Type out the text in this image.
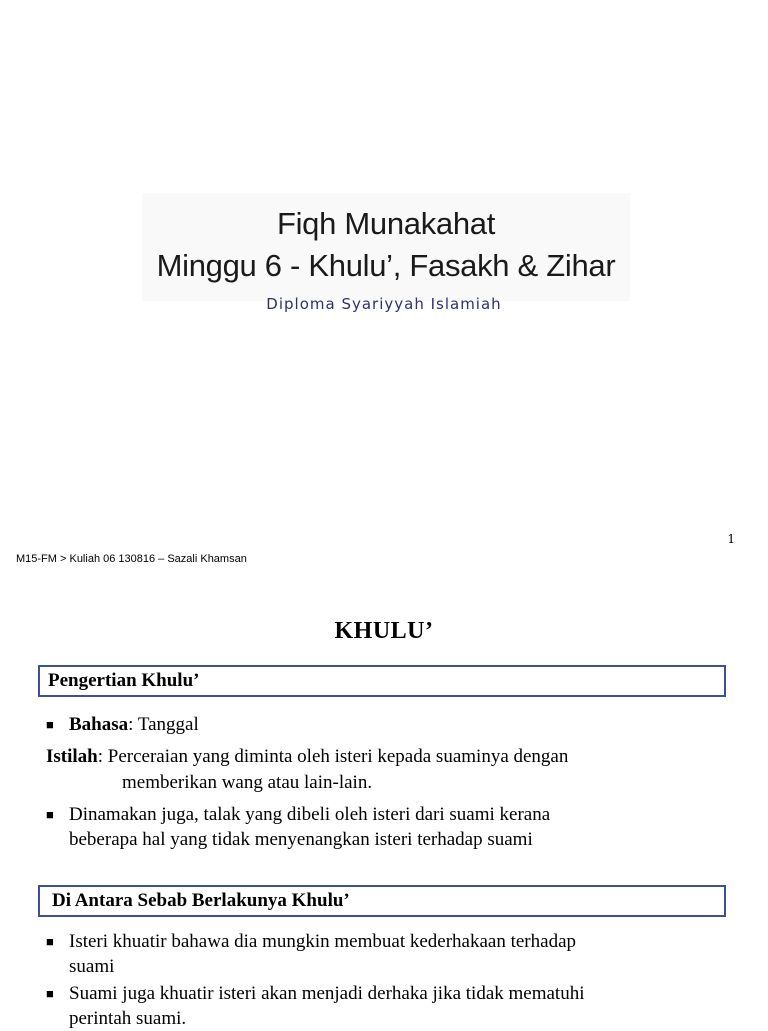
Fiqh Munakahat
Minggu 6 - Khulu’, Fasakh & Zihar
Diploma Syariyyah Islamiah
1
M15-FM > Kuliah 06 130816 – Sazali Khamsan
KHULU’
Pengertian Khulu’
■ Bahasa: Tanggal
Istilah: Perceraian yang diminta oleh isteri kepada suaminya dengan
memberikan wang atau lain-lain.
■ Dinamakan juga, talak yang dibeli oleh isteri dari suami kerana
beberapa hal yang tidak menyenangkan isteri terhadap suami
Di Antara Sebab Berlakunya Khulu’
■ Isteri khuatir bahawa dia mungkin membuat kederhakaan terhadap
suami
■ Suami juga khuatir isteri akan menjadi derhaka jika tidak mematuhi
perintah suami.
